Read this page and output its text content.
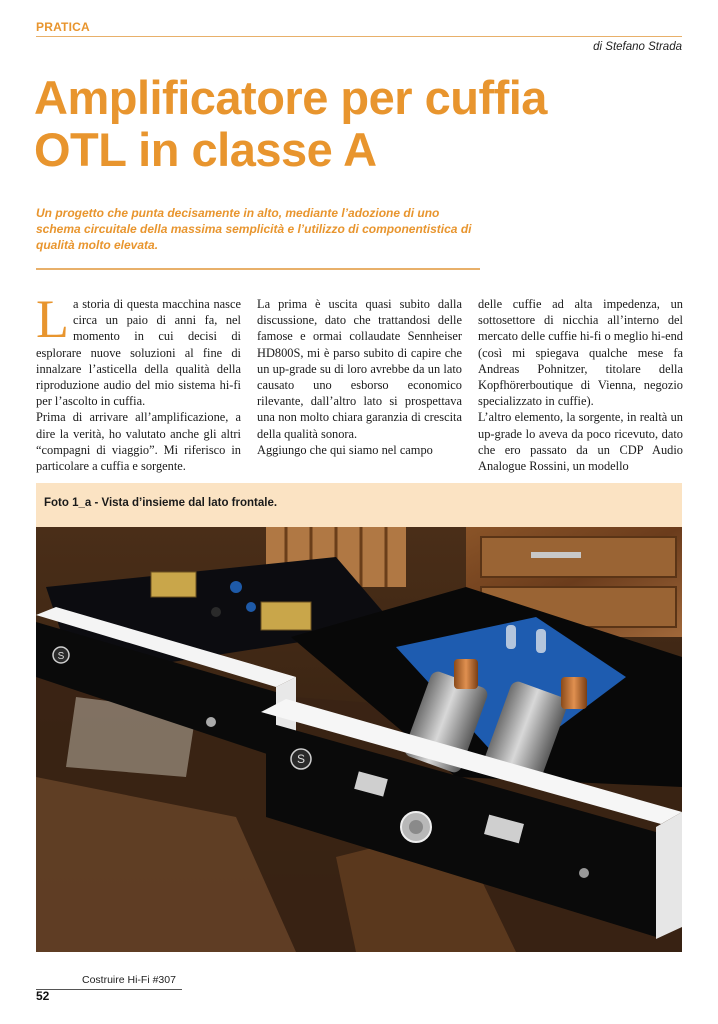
PRATICA
di Stefano Strada
Amplificatore per cuffia
OTL in classe A
Un progetto che punta decisamente in alto, mediante l’adozione di uno schema circuitale della massima semplicità e l’utilizzo di componentistica di qualità molto elevata.

La storia di questa macchina nasce circa un paio di anni fa, nel momento in cui decisi di esplorare nuove soluzioni al fine di innalzare l’asticella della qualità della riproduzione audio del mio sistema hi-fi per l’ascolto in cuffia.

Prima di arrivare all’amplificazione, a dire la verità, ho valutato anche gli altri “compagni di viaggio”. Mi riferisco in particolare a cuffia e sorgente.

La prima è uscita quasi subito dalla discussione, dato che trattandosi delle famose e ormai collaudate Sennheiser HD800S, mi è parso subito di capire che un up-grade su di loro avrebbe da un lato causato uno esborso economico rilevante, dall’altro lato si prospettava una non molto chiara garanzia di crescita della qualità sonora.

Aggiungo che qui siamo nel campo

delle cuffie ad alta impedenza, un sottosettore di nicchia all’interno del mercato delle cuffie hi-fi o meglio hi-end (così mi spiegava qualche mese fa Andreas Pohnitzer, titolare della Kopfhörerboutique di Vienna, negozio specializzato in cuffie).

L’altro elemento, la sorgente, in realtà un up-grade lo aveva da poco ricevuto, dato che ero passato da un CDP Audio Analogue Rossini, un modello

Foto 1_a - Vista d’insieme dal lato frontale.
S
S
Costruire Hi-Fi #307
52
